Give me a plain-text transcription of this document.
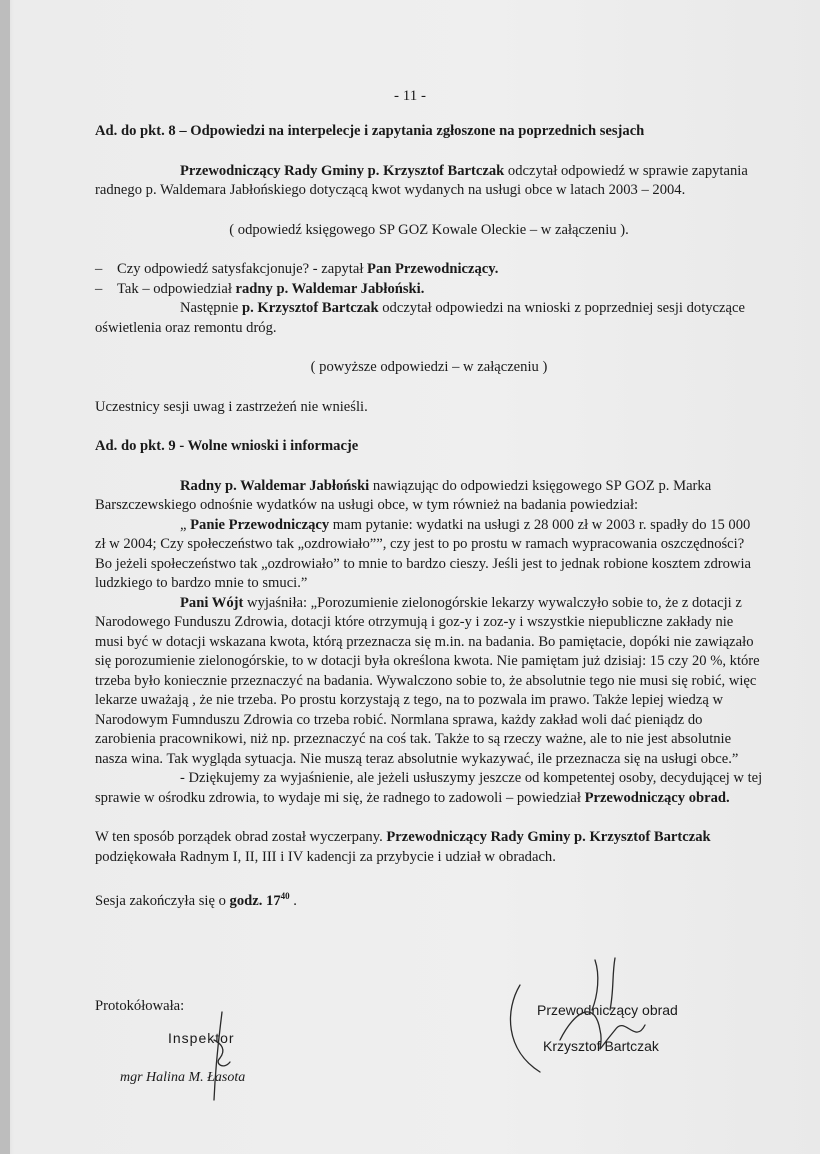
- 11 -

Ad. do pkt. 8 – Odpowiedzi na interpelecje i zapytania zgłoszone na poprzednich sesjach

Przewodniczący Rady Gminy p. Krzysztof Bartczak odczytał odpowiedź w sprawie zapytania radnego p. Waldemara Jabłońskiego dotyczącą kwot wydanych na usługi obce w latach 2003 – 2004.

( odpowiedź księgowego SP GOZ Kowale Oleckie – w załączeniu ).

– Czy odpowiedź satysfakcjonuje? - zapytał Pan Przewodniczący.

– Tak – odpowiedział radny p. Waldemar Jabłoński.

Następnie p. Krzysztof Bartczak odczytał odpowiedzi na wnioski z poprzedniej sesji dotyczące oświetlenia oraz remontu dróg.

( powyższe odpowiedzi – w załączeniu )

Uczestnicy sesji uwag i zastrzeżeń nie wnieśli.

Ad. do pkt. 9 - Wolne wnioski i informacje

Radny p. Waldemar Jabłoński nawiązując do odpowiedzi księgowego SP GOZ p. Marka Barszczewskiego odnośnie wydatków na usługi obce, w tym również na badania powiedział:

„ Panie Przewodniczący mam pytanie: wydatki na usługi z 28 000 zł w 2003 r. spadły do 15 000 zł w 2004; Czy społeczeństwo tak „ozdrowiało””, czy jest to po prostu w ramach wypracowania oszczędności? Bo jeżeli społeczeństwo tak „ozdrowiało” to mnie to bardzo cieszy. Jeśli jest to jednak robione kosztem zdrowia ludzkiego to bardzo mnie to smuci.”

Pani Wójt wyjaśniła: „Porozumienie zielonogórskie lekarzy wywalczyło sobie to, że z dotacji z Narodowego Funduszu Zdrowia, dotacji które otrzymują i goz-y i zoz-y i wszystkie niepubliczne zakłady nie musi być w dotacji wskazana kwota, którą przeznacza się m.in. na badania. Bo pamiętacie, dopóki nie zawiązało się porozumienie zielonogórskie, to w dotacji była określona kwota. Nie pamiętam już dzisiaj: 15 czy 20 %, które trzeba było koniecznie przeznaczyć na badania. Wywalczono sobie to, że absolutnie tego nie musi się robić, więc lekarze uważają , że nie trzeba. Po prostu korzystają z tego, na to pozwala im prawo. Także lepiej wiedzą w Narodowym Fumnduszu Zdrowia co trzeba robić. Normlana sprawa, każdy zakład woli dać pieniądz do zarobienia pracownikowi, niż np. przeznaczyć na coś tak. Także to są rzeczy ważne, ale to nie jest absolutnie nasza wina. Tak wygląda sytuacja. Nie muszą teraz absolutnie wykazywać, ile przeznacza się na usługi obce.”

- Dziękujemy za wyjaśnienie, ale jeżeli usłuszymy jeszcze od kompetentej osoby, decydującej w tej sprawie w ośrodku zdrowia, to wydaje mi się, że radnego to zadowoli – powiedział Przewodniczący obrad.

W ten sposób porządek obrad został wyczerpany. Przewodniczący Rady Gminy p. Krzysztof Bartczak podziękowała Radnym I, II, III i IV kadencji za przybycie i udział w obradach.

Sesja zakończyła się o godz. $17^{40}$ .

Protokółowała:
Inspektor
mgr Halina M. Łasota
Przewodniczący obrad
Krzysztof Bartczak
